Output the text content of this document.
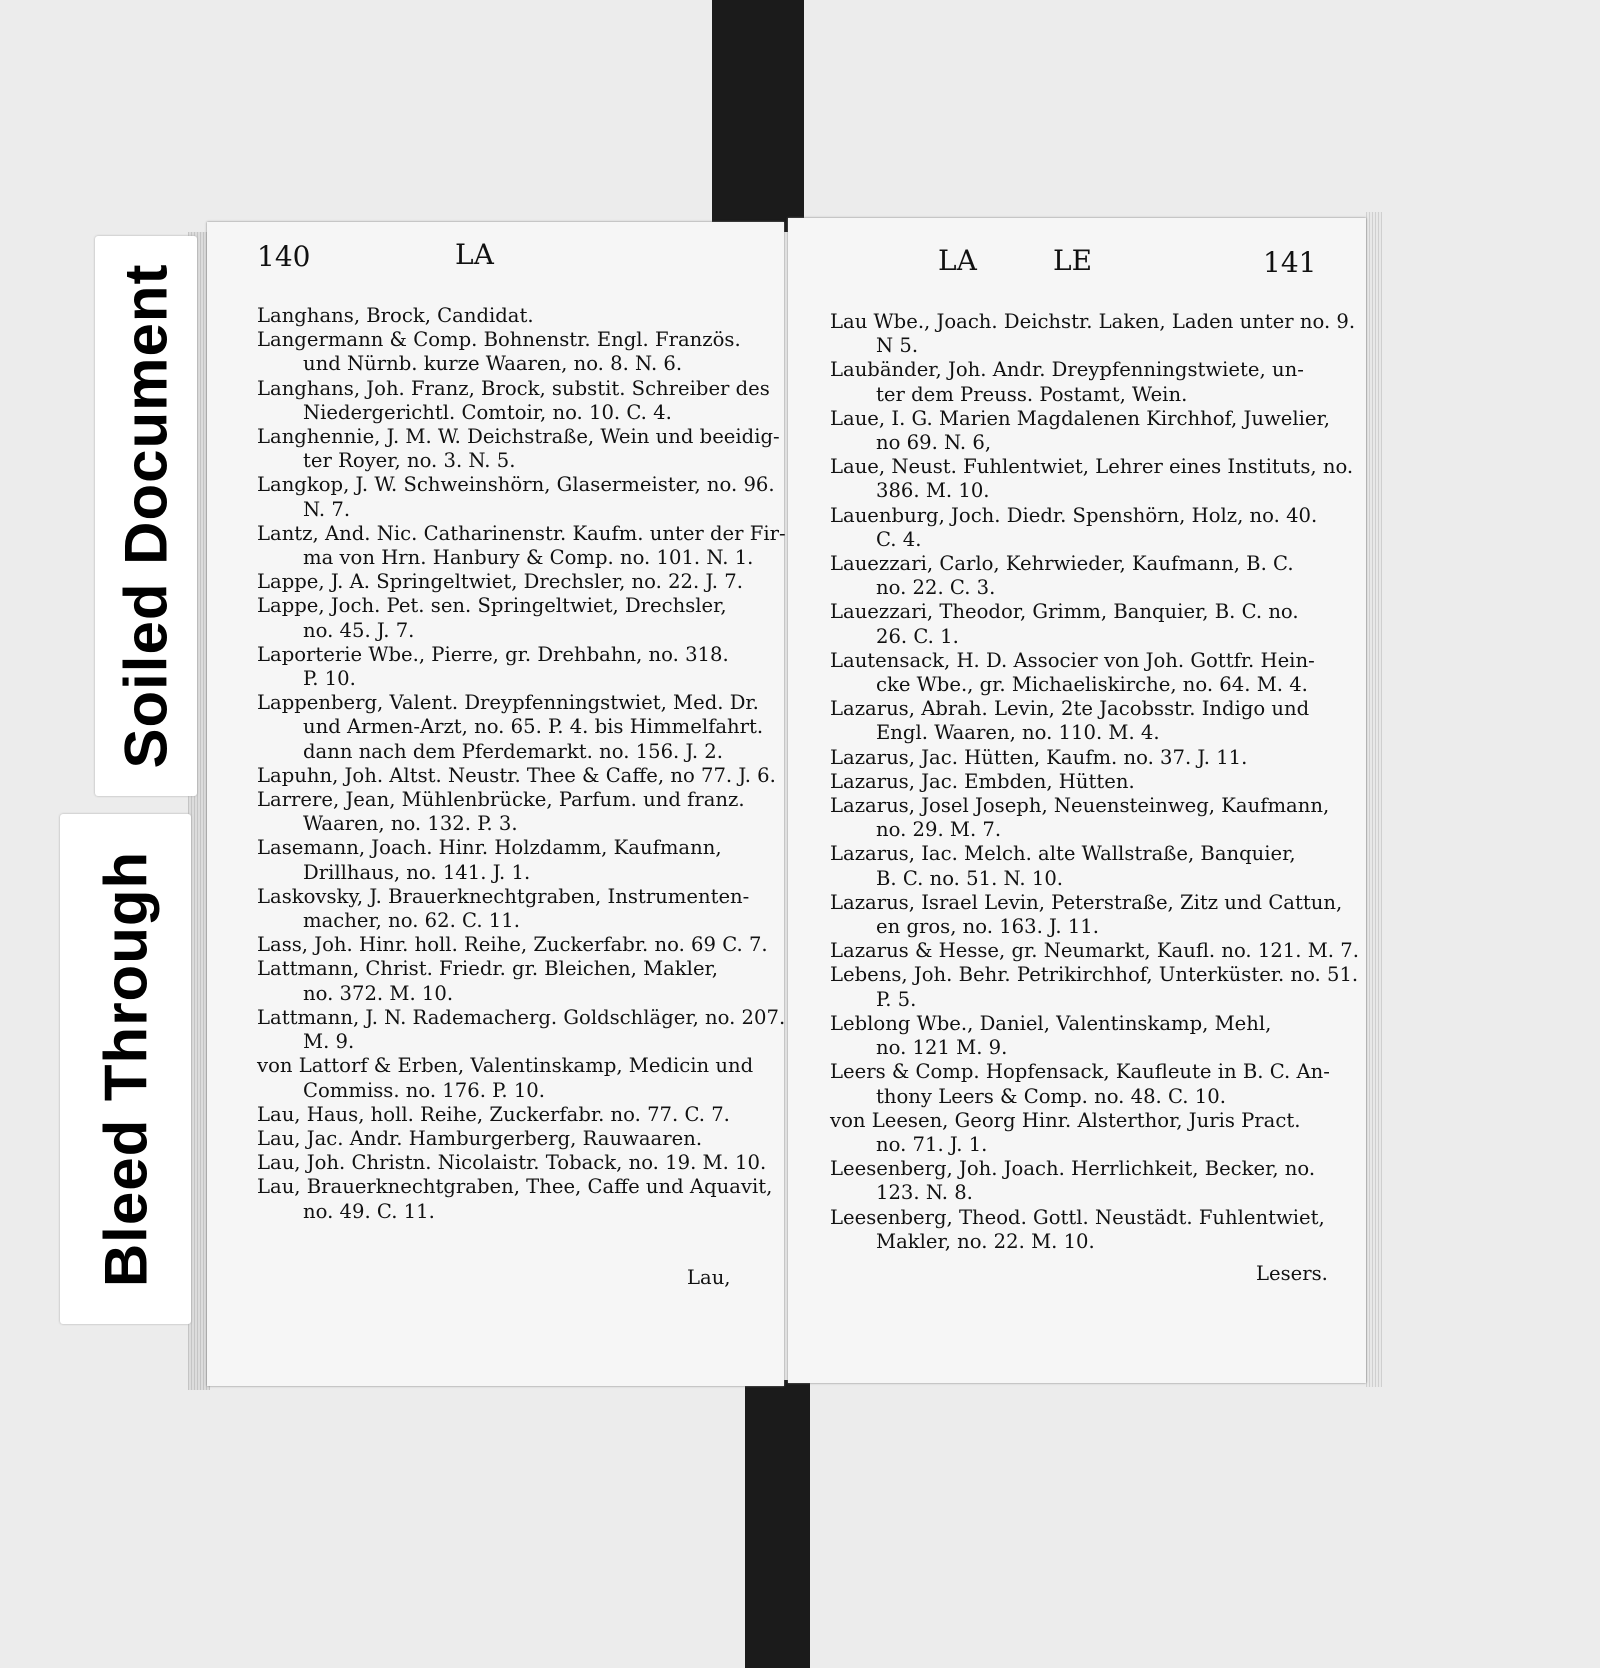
Soiled Document
Bleed Through
140	LA
Langhans, Brock, Candidat.
Langermann & Comp. Bohnenstr. Engl. Französ.
und Nürnb. kurze Waaren, no. 8. N. 6.
Langhans, Joh. Franz, Brock, substit. Schreiber des
Niedergerichtl. Comtoir, no. 10. C. 4.
Langhennie, J. M. W. Deichstraße, Wein und beeidig-
ter Royer, no. 3. N. 5.
Langkop, J. W. Schweinshörn, Glasermeister, no. 96.
N. 7.
Lantz, And. Nic. Catharinenstr. Kaufm. unter der Fir-
ma von Hrn. Hanbury & Comp. no. 101. N. 1.
Lappe, J. A. Springeltwiet, Drechsler, no. 22. J. 7.
Lappe, Joch. Pet. sen. Springeltwiet, Drechsler,
no. 45. J. 7.
Laporterie Wbe., Pierre, gr. Drehbahn, no. 318.
P. 10.
Lappenberg, Valent. Dreypfenningstwiet, Med. Dr.
und Armen-Arzt, no. 65. P. 4. bis Himmelfahrt.
dann nach dem Pferdemarkt. no. 156. J. 2.
Lapuhn, Joh. Altst. Neustr. Thee & Caffe, no 77. J. 6.
Larrere, Jean, Mühlenbrücke, Parfum. und franz.
Waaren, no. 132. P. 3.
Lasemann, Joach. Hinr. Holzdamm, Kaufmann,
Drillhaus, no. 141. J. 1.
Laskovsky, J. Brauerknechtgraben, Instrumenten-
macher, no. 62. C. 11.
Lass, Joh. Hinr. holl. Reihe, Zuckerfabr. no. 69 C. 7.
Lattmann, Christ. Friedr. gr. Bleichen, Makler,
no. 372. M. 10.
Lattmann, J. N. Rademacherg. Goldschläger, no. 207.
M. 9.
von Lattorf & Erben, Valentinskamp, Medicin und
Commiss. no. 176. P. 10.
Lau, Haus, holl. Reihe, Zuckerfabr. no. 77. C. 7.
Lau, Jac. Andr. Hamburgerberg, Rauwaaren.
Lau, Joh. Christn. Nicolaistr. Toback, no. 19. M. 10.
Lau, Brauerknechtgraben, Thee, Caffe und Aquavit,
no. 49. C. 11.
Lau,
LA	LE	141
Lau Wbe., Joach. Deichstr. Laken, Laden unter no. 9.
N 5.
Laubänder, Joh. Andr. Dreypfenningstwiete, un-
ter dem Preuss. Postamt, Wein.
Laue, I. G. Marien Magdalenen Kirchhof, Juwelier,
no 69. N. 6,
Laue, Neust. Fuhlentwiet, Lehrer eines Instituts, no.
386. M. 10.
Lauenburg, Joch. Diedr. Spenshörn, Holz, no. 40.
C. 4.
Lauezzari, Carlo, Kehrwieder, Kaufmann, B. C.
no. 22. C. 3.
Lauezzari, Theodor, Grimm, Banquier, B. C. no.
26. C. 1.
Lautensack, H. D. Associer von Joh. Gottfr. Hein-
cke Wbe., gr. Michaeliskirche, no. 64. M. 4.
Lazarus, Abrah. Levin, 2te Jacobsstr. Indigo und
Engl. Waaren, no. 110. M. 4.
Lazarus, Jac. Hütten, Kaufm. no. 37. J. 11.
Lazarus, Jac. Embden, Hütten.
Lazarus, Josel Joseph, Neuensteinweg, Kaufmann,
no. 29. M. 7.
Lazarus, Iac. Melch. alte Wallstraße, Banquier,
B. C. no. 51. N. 10.
Lazarus, Israel Levin, Peterstraße, Zitz und Cattun,
en gros, no. 163. J. 11.
Lazarus & Hesse, gr. Neumarkt, Kaufl. no. 121. M. 7.
Lebens, Joh. Behr. Petrikirchhof, Unterküster. no. 51.
P. 5.
Leblong Wbe., Daniel, Valentinskamp, Mehl,
no. 121 M. 9.
Leers & Comp. Hopfensack, Kaufleute in B. C. An-
thony Leers & Comp. no. 48. C. 10.
von Leesen, Georg Hinr. Alsterthor, Juris Pract.
no. 71. J. 1.
Leesenberg, Joh. Joach. Herrlichkeit, Becker, no.
123. N. 8.
Leesenberg, Theod. Gottl. Neustädt. Fuhlentwiet,
Makler, no. 22. M. 10.
Lesers.
